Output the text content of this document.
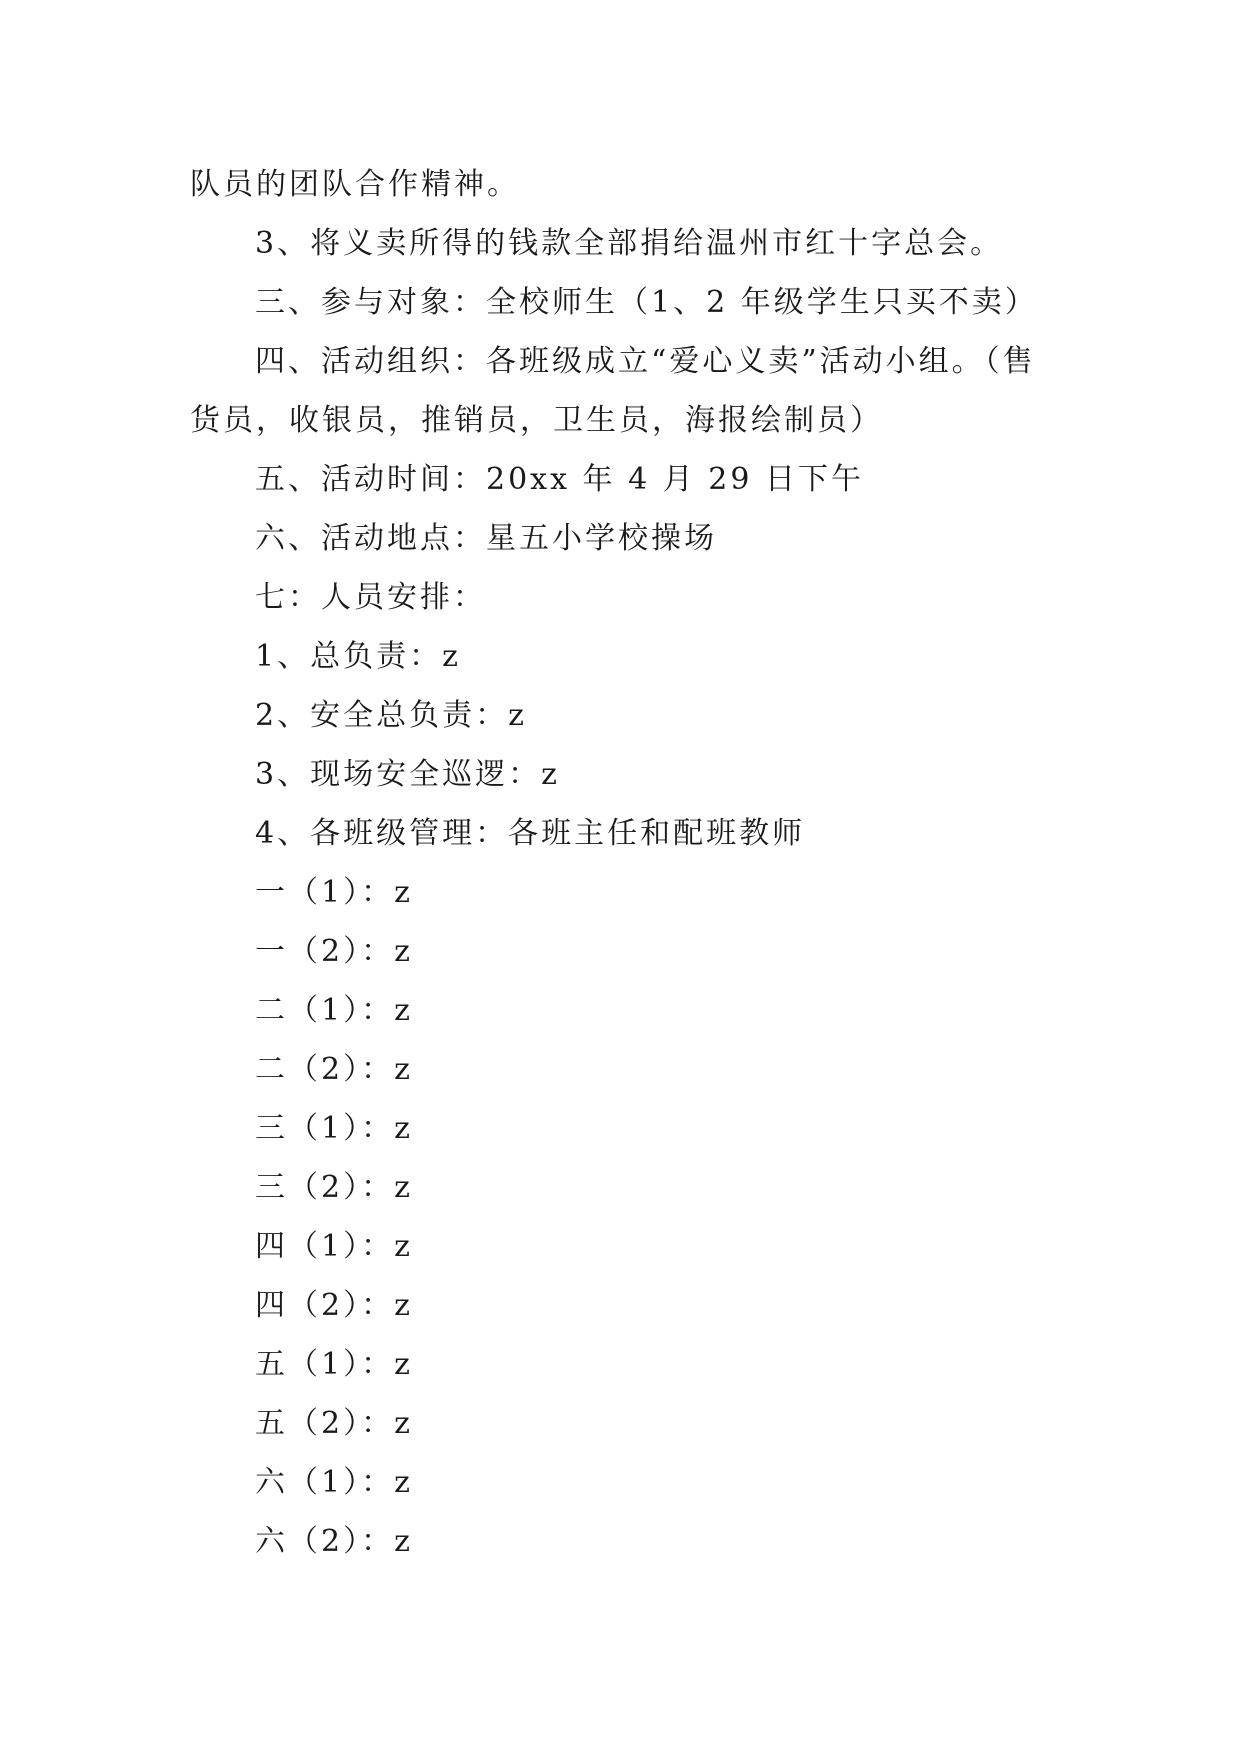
队员的团队合作精神。
3、将义卖所得的钱款全部捐给温州市红十字总会。
三、参与对象：全校师生（1、2 年级学生只买不卖）
四、活动组织：各班级成立“爱心义卖”活动小组。（售
货员，收银员，推销员，卫生员，海报绘制员）
五、活动时间：20xx 年 4 月 29 日下午
六、活动地点：星五小学校操场
七：人员安排：
1、总负责：z
2、安全总负责：z
3、现场安全巡逻：z
4、各班级管理：各班主任和配班教师
一（1）：z
一（2）：z
二（1）：z
二（2）：z
三（1）：z
三（2）：z
四（1）：z
四（2）：z
五（1）：z
五（2）：z
六（1）：z
六（2）：z
